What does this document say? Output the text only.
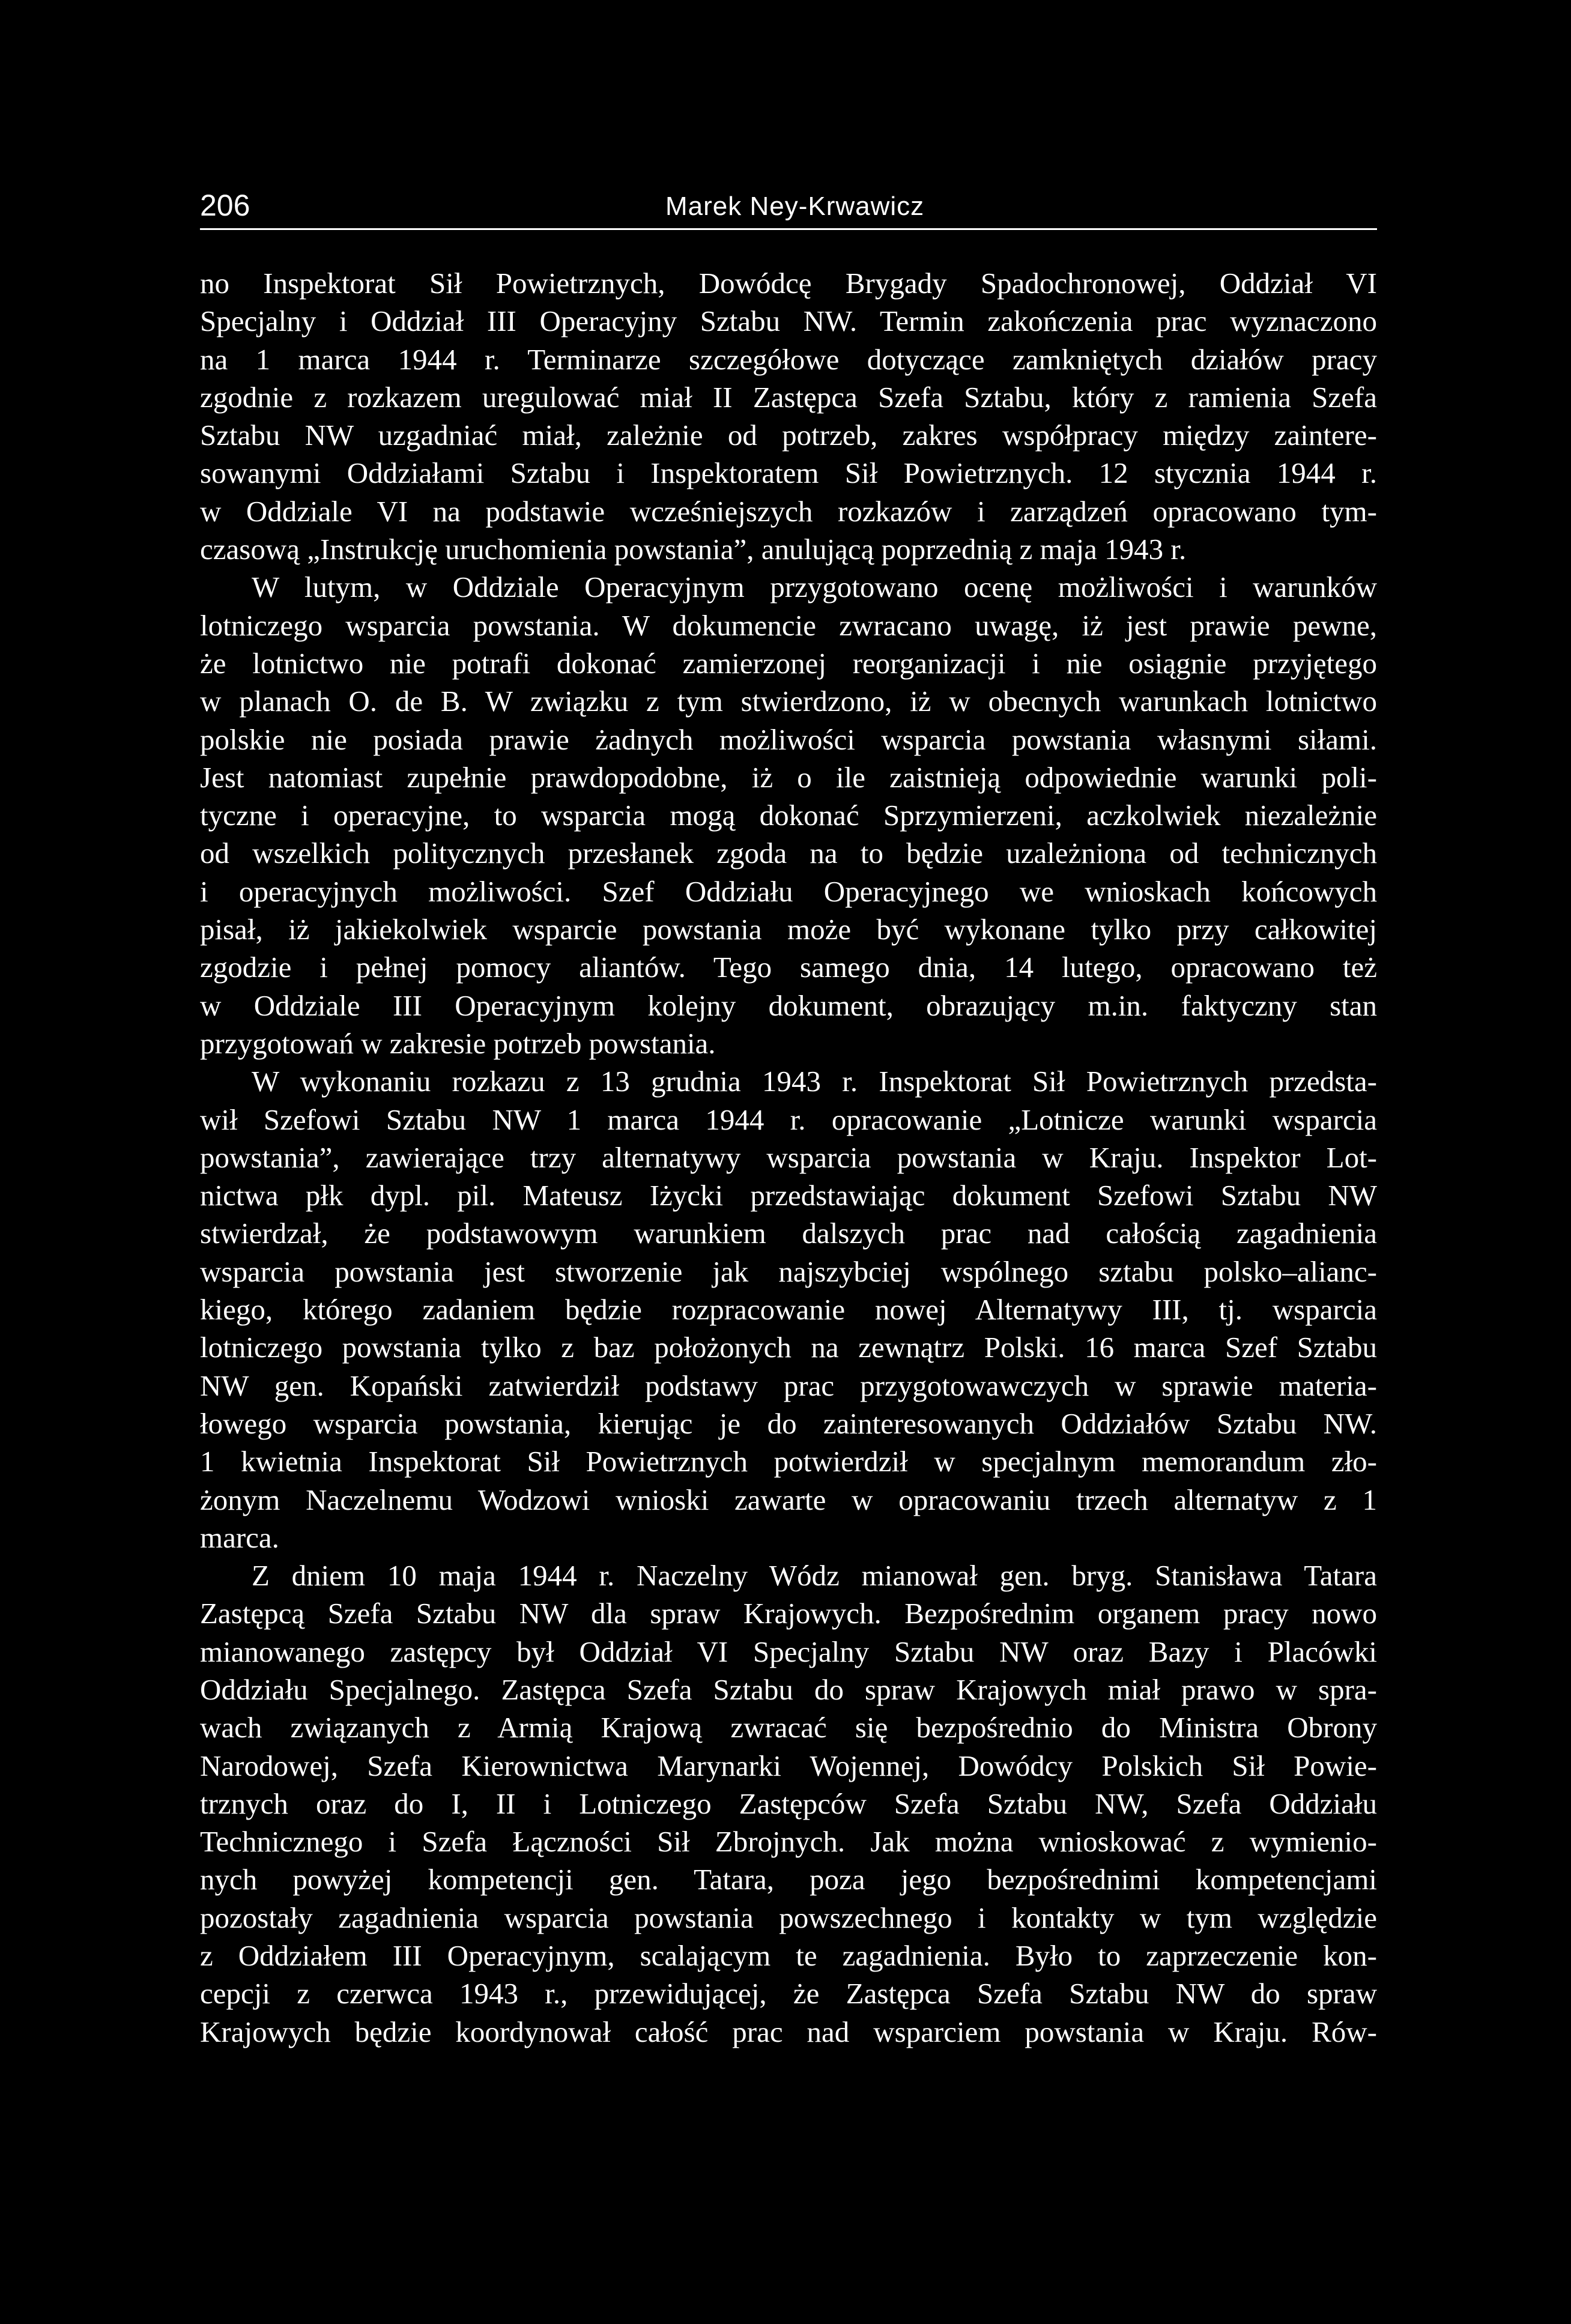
206	Marek Ney-Krwawicz
no Inspektorat Sił Powietrznych, Dowódcę Brygady Spadochronowej, Oddział VI
Specjalny i Oddział III Operacyjny Sztabu NW. Termin zakończenia prac wyznaczono
na 1 marca 1944 r. Terminarze szczegółowe dotyczące zamkniętych działów pracy
zgodnie z rozkazem uregulować miał II Zastępca Szefa Sztabu, który z ramienia Szefa
Sztabu NW uzgadniać miał, zależnie od potrzeb, zakres współpracy między zaintere-
sowanymi Oddziałami Sztabu i Inspektoratem Sił Powietrznych. 12 stycznia 1944 r.
w Oddziale VI na podstawie wcześniejszych rozkazów i zarządzeń opracowano tym-
czasową „Instrukcję uruchomienia powstania”, anulującą poprzednią z maja 1943 r.
W lutym, w Oddziale Operacyjnym przygotowano ocenę możliwości i warunków
lotniczego wsparcia powstania. W dokumencie zwracano uwagę, iż jest prawie pewne,
że lotnictwo nie potrafi dokonać zamierzonej reorganizacji i nie osiągnie przyjętego
w planach O. de B. W związku z tym stwierdzono, iż w obecnych warunkach lotnictwo
polskie nie posiada prawie żadnych możliwości wsparcia powstania własnymi siłami.
Jest natomiast zupełnie prawdopodobne, iż o ile zaistnieją odpowiednie warunki poli-
tyczne i operacyjne, to wsparcia mogą dokonać Sprzymierzeni, aczkolwiek niezależnie
od wszelkich politycznych przesłanek zgoda na to będzie uzależniona od technicznych
i operacyjnych możliwości. Szef Oddziału Operacyjnego we wnioskach końcowych
pisał, iż jakiekolwiek wsparcie powstania może być wykonane tylko przy całkowitej
zgodzie i pełnej pomocy aliantów. Tego samego dnia, 14 lutego, opracowano też
w Oddziale III Operacyjnym kolejny dokument, obrazujący m.in. faktyczny stan
przygotowań w zakresie potrzeb powstania.
W wykonaniu rozkazu z 13 grudnia 1943 r. Inspektorat Sił Powietrznych przedsta-
wił Szefowi Sztabu NW 1 marca 1944 r. opracowanie „Lotnicze warunki wsparcia
powstania”, zawierające trzy alternatywy wsparcia powstania w Kraju. Inspektor Lot-
nictwa płk dypl. pil. Mateusz Iżycki przedstawiając dokument Szefowi Sztabu NW
stwierdzał, że podstawowym warunkiem dalszych prac nad całością zagadnienia
wsparcia powstania jest stworzenie jak najszybciej wspólnego sztabu polsko–alianc-
kiego, którego zadaniem będzie rozpracowanie nowej Alternatywy III, tj. wsparcia
lotniczego powstania tylko z baz położonych na zewnątrz Polski. 16 marca Szef Sztabu
NW gen. Kopański zatwierdził podstawy prac przygotowawczych w sprawie materia-
łowego wsparcia powstania, kierując je do zainteresowanych Oddziałów Sztabu NW.
1 kwietnia Inspektorat Sił Powietrznych potwierdził w specjalnym memorandum zło-
żonym Naczelnemu Wodzowi wnioski zawarte w opracowaniu trzech alternatyw z 1
marca.
Z dniem 10 maja 1944 r. Naczelny Wódz mianował gen. bryg. Stanisława Tatara
Zastępcą Szefa Sztabu NW dla spraw Krajowych. Bezpośrednim organem pracy nowo
mianowanego zastępcy był Oddział VI Specjalny Sztabu NW oraz Bazy i Placówki
Oddziału Specjalnego. Zastępca Szefa Sztabu do spraw Krajowych miał prawo w spra-
wach związanych z Armią Krajową zwracać się bezpośrednio do Ministra Obrony
Narodowej, Szefa Kierownictwa Marynarki Wojennej, Dowódcy Polskich Sił Powie-
trznych oraz do I, II i Lotniczego Zastępców Szefa Sztabu NW, Szefa Oddziału
Technicznego i Szefa Łączności Sił Zbrojnych. Jak można wnioskować z wymienio-
nych powyżej kompetencji gen. Tatara, poza jego bezpośrednimi kompetencjami
pozostały zagadnienia wsparcia powstania powszechnego i kontakty w tym względzie
z Oddziałem III Operacyjnym, scalającym te zagadnienia. Było to zaprzeczenie kon-
cepcji z czerwca 1943 r., przewidującej, że Zastępca Szefa Sztabu NW do spraw
Krajowych będzie koordynował całość prac nad wsparciem powstania w Kraju. Rów-
